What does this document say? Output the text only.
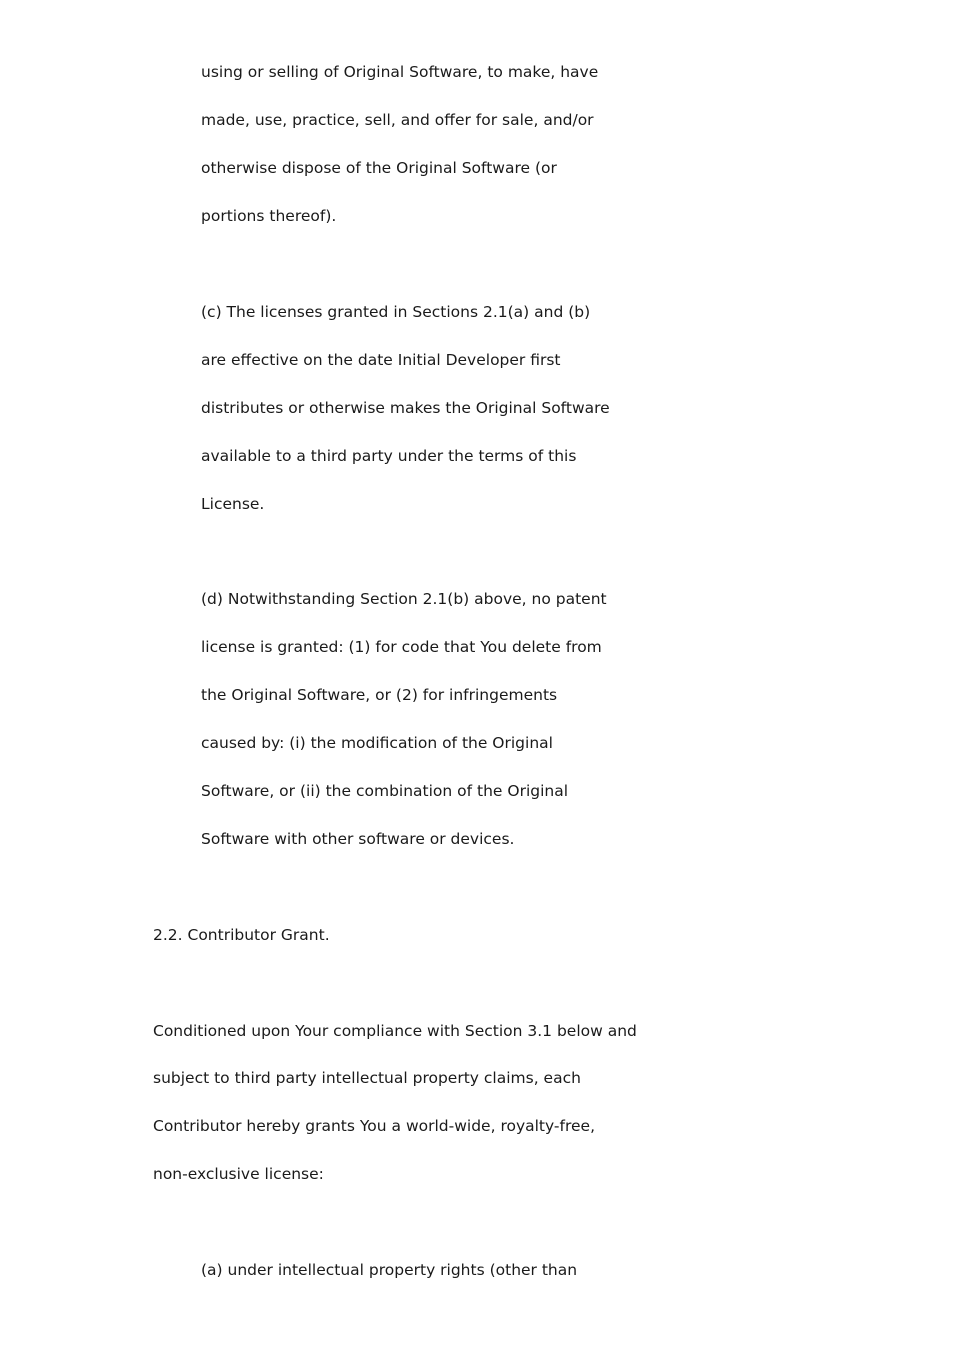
using or selling of Original Software, to make, have

made, use, practice, sell, and offer for sale, and/or

otherwise dispose of the Original Software (or

portions thereof).

(c) The licenses granted in Sections 2.1(a) and (b)

are effective on the date Initial Developer first

distributes or otherwise makes the Original Software

available to a third party under the terms of this

License.

(d) Notwithstanding Section 2.1(b) above, no patent

license is granted: (1) for code that You delete from

the Original Software, or (2) for infringements

caused by: (i) the modification of the Original

Software, or (ii) the combination of the Original

Software with other software or devices.

2.2. Contributor Grant.

Conditioned upon Your compliance with Section 3.1 below and

subject to third party intellectual property claims, each

Contributor hereby grants You a world-wide, royalty-free,

non-exclusive license:

(a) under intellectual property rights (other than
